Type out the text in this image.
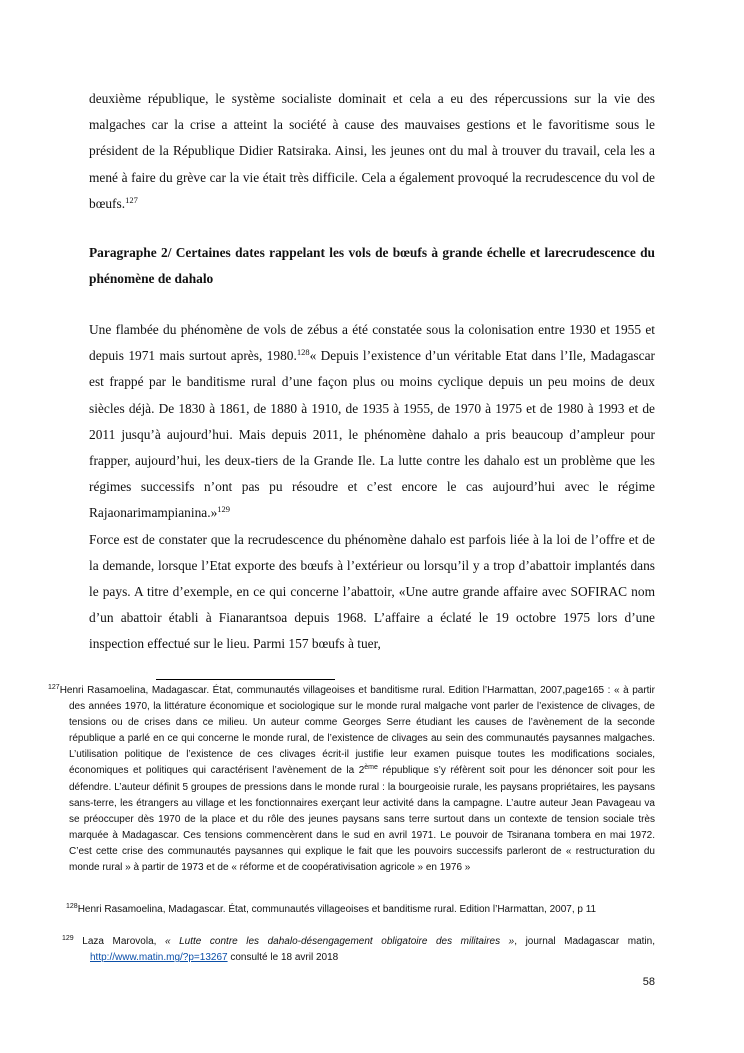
deuxième république, le système socialiste dominait et cela a eu des répercussions sur la vie des malgaches car la crise a atteint la société à cause des mauvaises gestions et le favoritisme sous le président de la République Didier Ratsiraka. Ainsi, les jeunes ont du mal à trouver du travail, cela les a mené à faire du grève car la vie était très difficile. Cela a également provoqué la recrudescence du vol de bœufs.$^{127}$

Paragraphe 2/ Certaines dates rappelant les vols de bœufs à grande échelle et larecrudescence du phénomène de dahalo

Une flambée du phénomène de vols de zébus a été constatée sous la colonisation entre 1930 et 1955 et depuis 1971 mais surtout après, 1980.$^{128}$« Depuis l’existence d’un véritable Etat dans l’Ile, Madagascar est frappé par le banditisme rural d’une façon plus ou moins cyclique depuis un peu moins de deux siècles déjà. De 1830 à 1861, de 1880 à 1910, de 1935 à 1955, de 1970 à 1975 et de 1980 à 1993 et de 2011 jusqu’à aujourd’hui. Mais depuis 2011, le phénomène dahalo a pris beaucoup d’ampleur pour frapper, aujourd’hui, les deux-tiers de la Grande Ile. La lutte contre les dahalo est un problème que les régimes successifs n’ont pas pu résoudre et c’est encore le cas aujourd’hui avec le régime Rajaonarimampianina.»$^{129}$

Force est de constater que la recrudescence du phénomène dahalo est parfois liée à la loi de l’offre et de la demande, lorsque l’Etat exporte des bœufs à l’extérieur ou lorsqu’il y a trop d’abattoir implantés dans le pays. A titre d’exemple, en ce qui concerne l’abattoir, «Une autre grande affaire avec SOFIRAC nom d’un abattoir établi à Fianarantsoa depuis 1968. L’affaire a éclaté le 19 octobre 1975 lors d’une inspection effectué sur le lieu. Parmi 157 bœufs à tuer,

$^{127}$Henri Rasamoelina, Madagascar. État, communautés villageoises et banditisme rural. Edition l’Harmattan, 2007,page165 : « à partir des années 1970, la littérature économique et sociologique sur le monde rural malgache vont parler de l’existence de clivages, de tensions ou de crises dans ce milieu. Un auteur comme Georges Serre étudiant les causes de l’avènement de la seconde république a parlé en ce qui concerne le monde rural, de l’existence de clivages au sein des communautés paysannes malgaches. L’utilisation politique de l’existence de ces clivages écrit-il justifie leur examen puisque toutes les modifications sociales, économiques et politiques qui caractérisent l’avènement de la 2ème république s’y réfèrent soit pour les dénoncer soit pour les défendre. L’auteur définit 5 groupes de pressions dans le monde rural : la bourgeoisie rurale, les paysans propriétaires, les paysans sans-terre, les étrangers au village et les fonctionnaires exerçant leur activité dans la campagne. L’autre auteur Jean Pavageau va se préoccuper dès 1970 de la place et du rôle des jeunes paysans sans terre surtout dans un contexte de tension sociale très marquée à Madagascar. Ces tensions commencèrent dans le sud en avril 1971. Le pouvoir de Tsiranana tombera en mai 1972. C’est cette crise des communautés paysannes qui explique le fait que les pouvoirs successifs parleront de « restructuration du monde rural » à partir de 1973 et de « réforme et de coopérativisation agricole » en 1976 »

$^{128}$Henri Rasamoelina, Madagascar. État, communautés villageoises et banditisme rural. Edition l’Harmattan, 2007, p 11

$^{129}$ Laza Marovola, « Lutte contre les dahalo-désengagement obligatoire des militaires », journal Madagascar matin, http://www.matin.mg/?p=13267 consulté le 18 avril 2018

58
